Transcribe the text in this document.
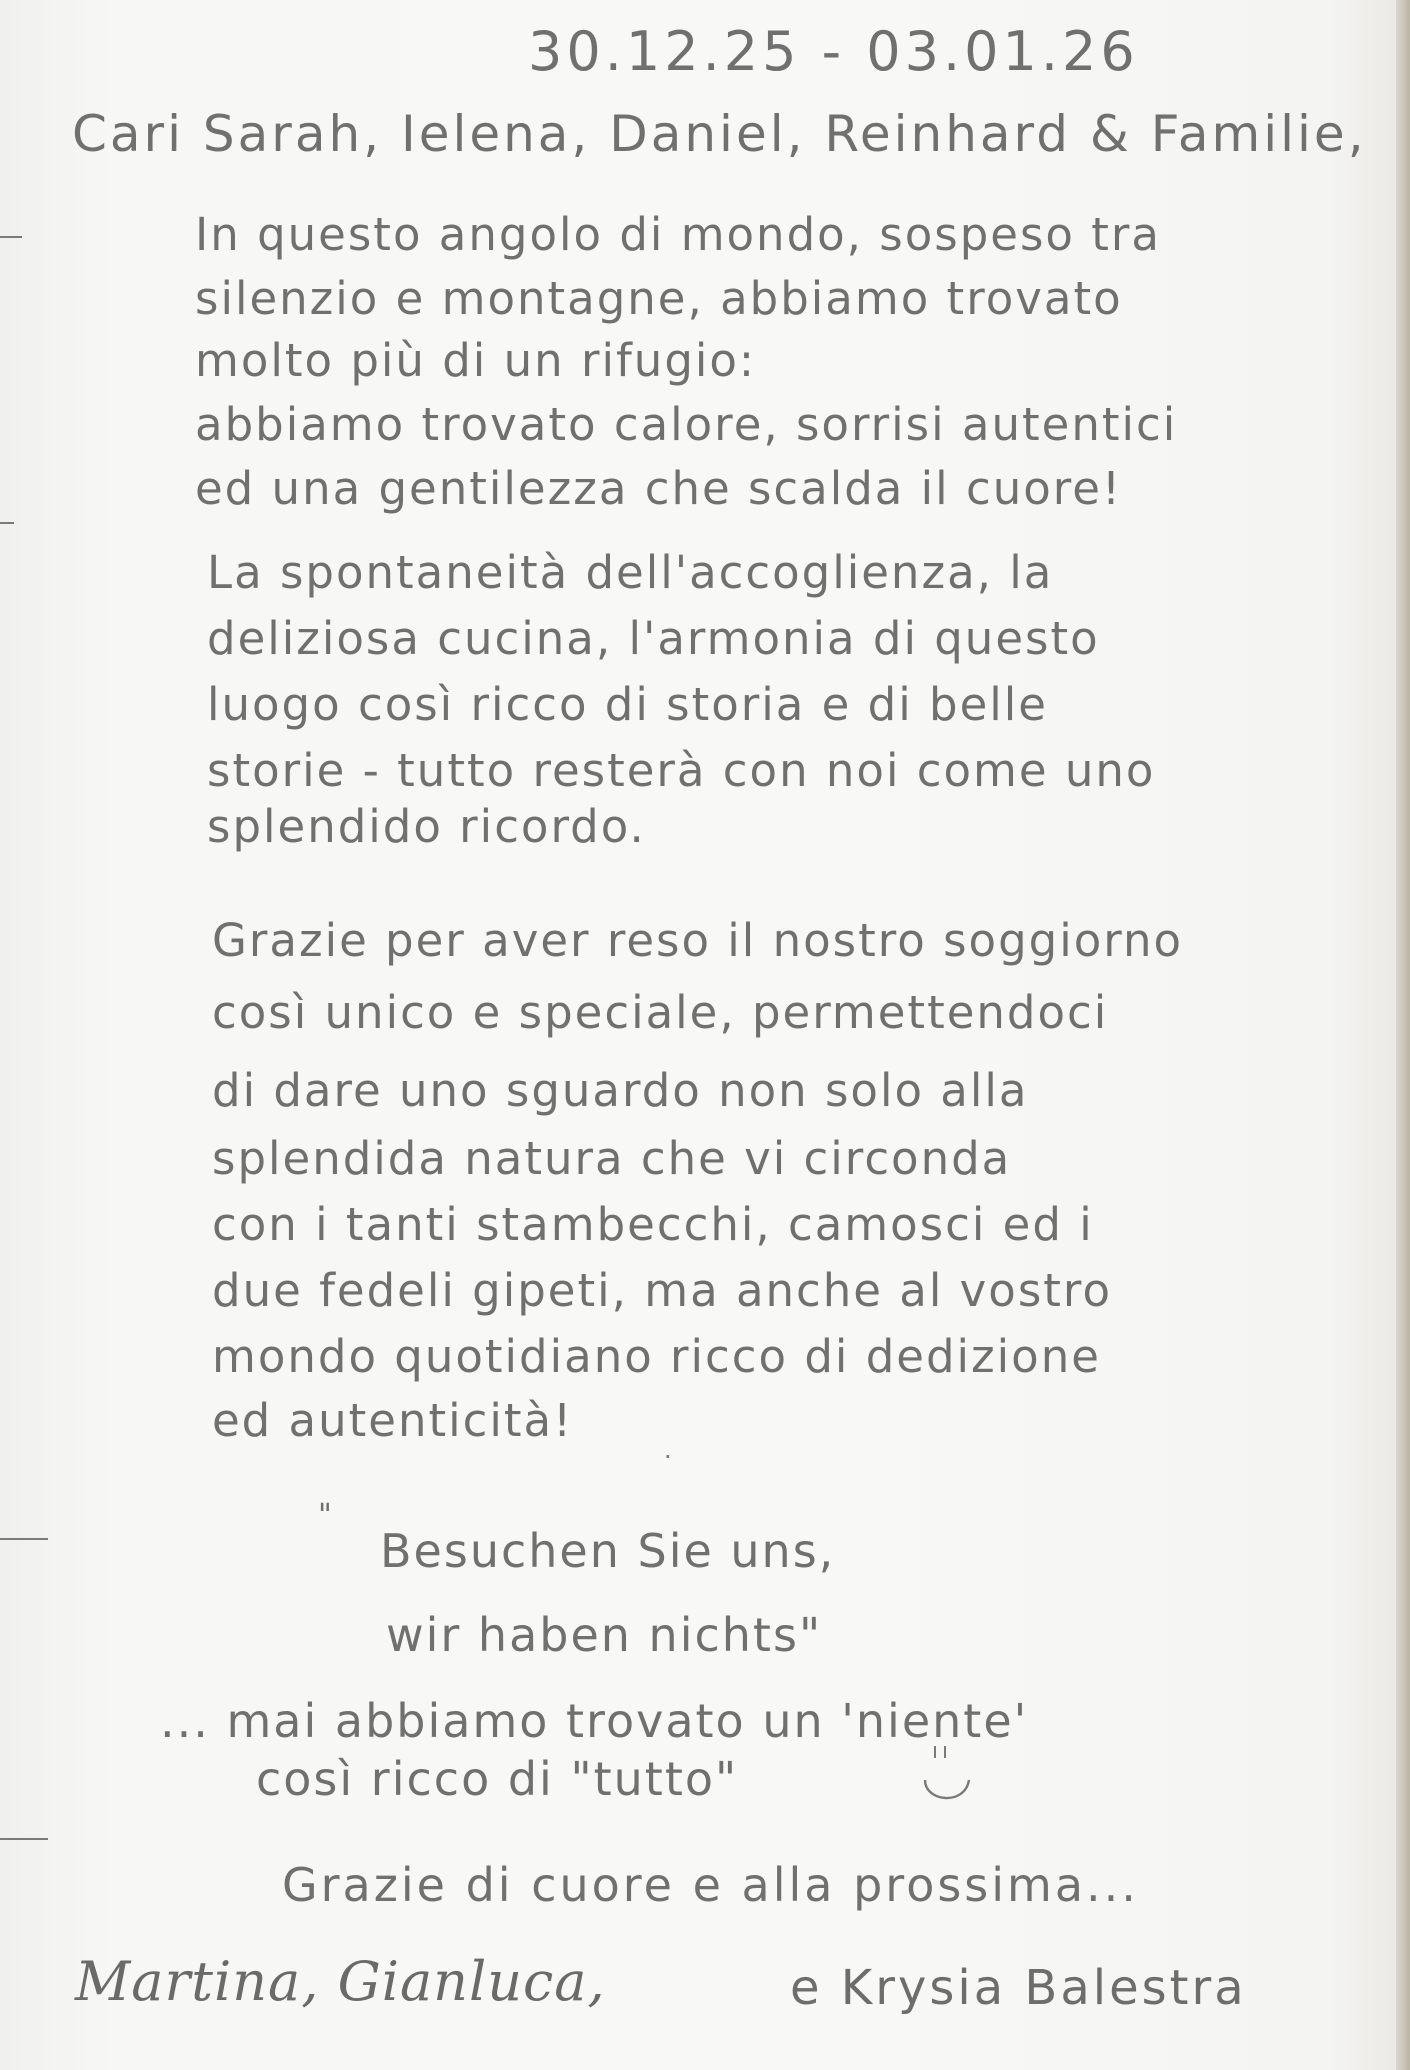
30.12.25 - 03.01.26
Cari Sarah, Ielena, Daniel, Reinhard & Familie,
In questo angolo di mondo, sospeso tra
silenzio e montagne, abbiamo trovato
molto più di un rifugio:
abbiamo trovato calore, sorrisi autentici
ed una gentilezza che scalda il cuore!
La spontaneità dell'accoglienza, la
deliziosa cucina, l'armonia di questo
luogo così ricco di storia e di belle
storie - tutto resterà con noi come uno
splendido ricordo.
Grazie per aver reso il nostro soggiorno
così unico e speciale, permettendoci
di dare uno sguardo non solo alla
splendida natura che vi circonda
con i tanti stambecchi, camosci ed i
due fedeli gipeti, ma anche al vostro
mondo quotidiano ricco di dedizione
ed autenticità!
.
"
Besuchen Sie uns,
wir haben nichts"
... mai abbiamo trovato un 'niente'
così ricco di "tutto"
Grazie di cuore e alla prossima...
Martina, Gianluca,	e Krysia Balestra
